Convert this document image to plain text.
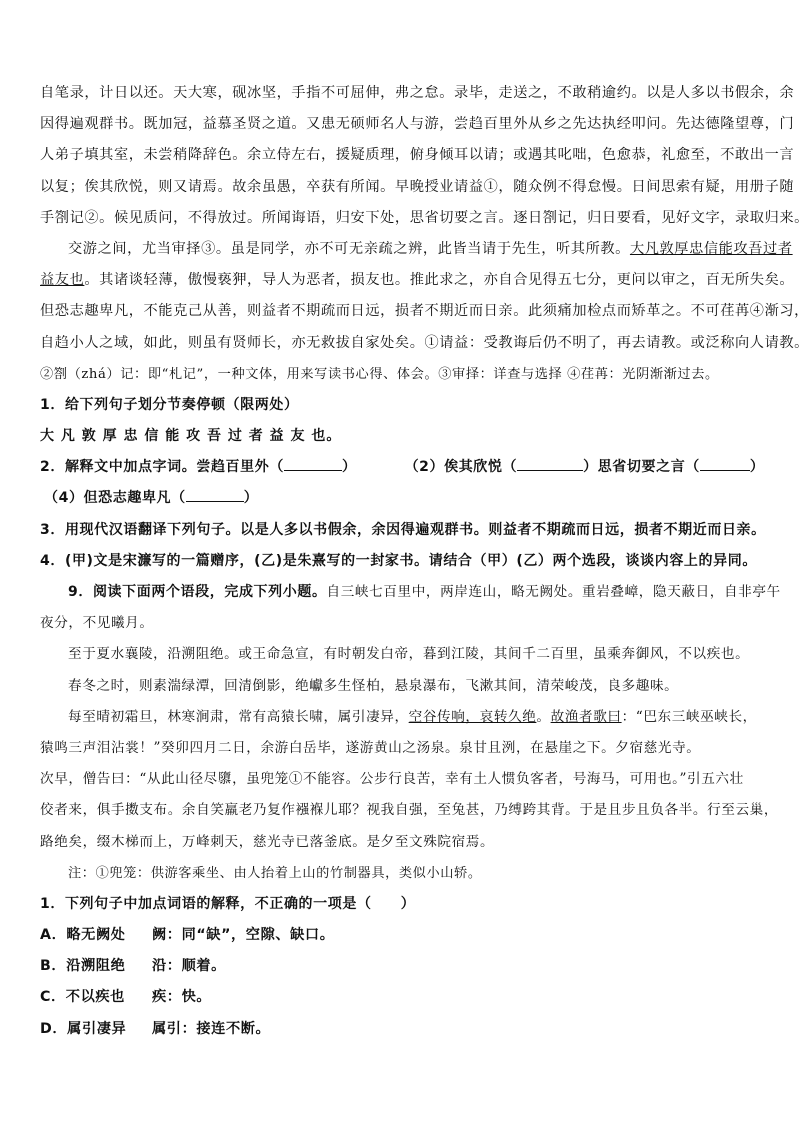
自笔录，计日以还。天大寒，砚冰坚，手指不可屈伸，弗之怠。录毕，走送之，不敢稍逾约。以是人多以书假余，余
因得遍观群书。既加冠，益慕圣贤之道。又患无硕师名人与游，尝趋百里外从乡之先达执经叩问。先达德隆望尊，门
人弟子填其室，未尝稍降辞色。余立侍左右，援疑质理，俯身倾耳以请；或遇其叱咄，色愈恭，礼愈至，不敢出一言
以复；俟其欣悦，则又请焉。故余虽愚，卒获有所闻。早晚授业请益①，随众例不得怠慢。日间思索有疑，用册子随
手劄记②。候见质问，不得放过。所闻诲语，归安下处，思省切要之言。逐日劄记，归日要看，见好文字，录取归来。
交游之间，尤当审择③。虽是同学，亦不可无亲疏之辨，此皆当请于先生，听其所教。大凡敦厚忠信能攻吾过者
益友也。其诸谈轻薄，傲慢亵狎，导人为恶者，损友也。推此求之，亦自合见得五七分，更问以审之，百无所失矣。
但恐志趣卑凡，不能克己从善，则益者不期疏而日远，损者不期近而日亲。此须痛加检点而矫革之。不可荏苒④渐习，
自趋小人之域，如此，则虽有贤师长，亦无救拔自家处矣。①请益：受教诲后仍不明了，再去请教。或泛称向人请教。
②劄（zhá）记：即“札记”，一种文体，用来写读书心得、体会。③审择：详查与选择 ④荏苒：光阴渐渐过去。
1．给下列句子划分节奏停顿（限两处）
大 凡 敦 厚 忠 信 能 攻 吾 过 者 益 友 也。
2．解释文中加点字词。尝趋百里外（	）	（2）俟其欣悦（	）思省切要之言（	）
（4）但恐志趣卑凡（	）
3．用现代汉语翻译下列句子。以是人多以书假余，余因得遍观群书。则益者不期疏而日远，损者不期近而日亲。
4．(甲)文是宋濂写的一篇赠序，(乙)是朱熹写的一封家书。请结合（甲）(乙）两个选段，谈谈内容上的异同。
9．阅读下面两个语段，完成下列小题。自三峡七百里中，两岸连山，略无阙处。重岩叠嶂，隐天蔽日，自非亭午
夜分，不见曦月。
至于夏水襄陵，沿溯阻绝。或王命急宣，有时朝发白帝，暮到江陵，其间千二百里，虽乘奔御风，不以疾也。
春冬之时，则素湍绿潭，回清倒影，绝巘多生怪柏，悬泉瀑布，飞漱其间，清荣峻茂，良多趣味。
每至晴初霜旦，林寒涧肃，常有高猿长啸，属引凄异，空谷传响，哀转久绝。故渔者歌曰：“巴东三峡巫峡长，
猿鸣三声泪沾裳！”癸卯四月二日，余游白岳毕，遂游黄山之汤泉。泉甘且洌，在悬崖之下。夕宿慈光寺。
次早，僧告曰：“从此山径尽隳，虽兜笼①不能容。公步行良苦，幸有土人惯负客者，号海马，可用也。”引五六壮
佼者来，俱手擞支布。余自笑羸老乃复作襁褓儿耶？视我自强，至兔甚，乃缚跨其背。于是且步且负各半。行至云巢，
路绝矣，缀木梯而上，万峰刺天，慈光寺已落釜底。是夕至文殊院宿焉。
注：①兜笼：供游客乘坐、由人抬着上山的竹制器具，类似小山轿。
1．下列句子中加点词语的解释，不正确的一项是（　　）
A．略无阙处 阙：同“缺”，空隙、缺口。
B．沿溯阻绝 沿：顺着。
C．不以疾也 疾：快。
D．属引凄异 属引：接连不断。
